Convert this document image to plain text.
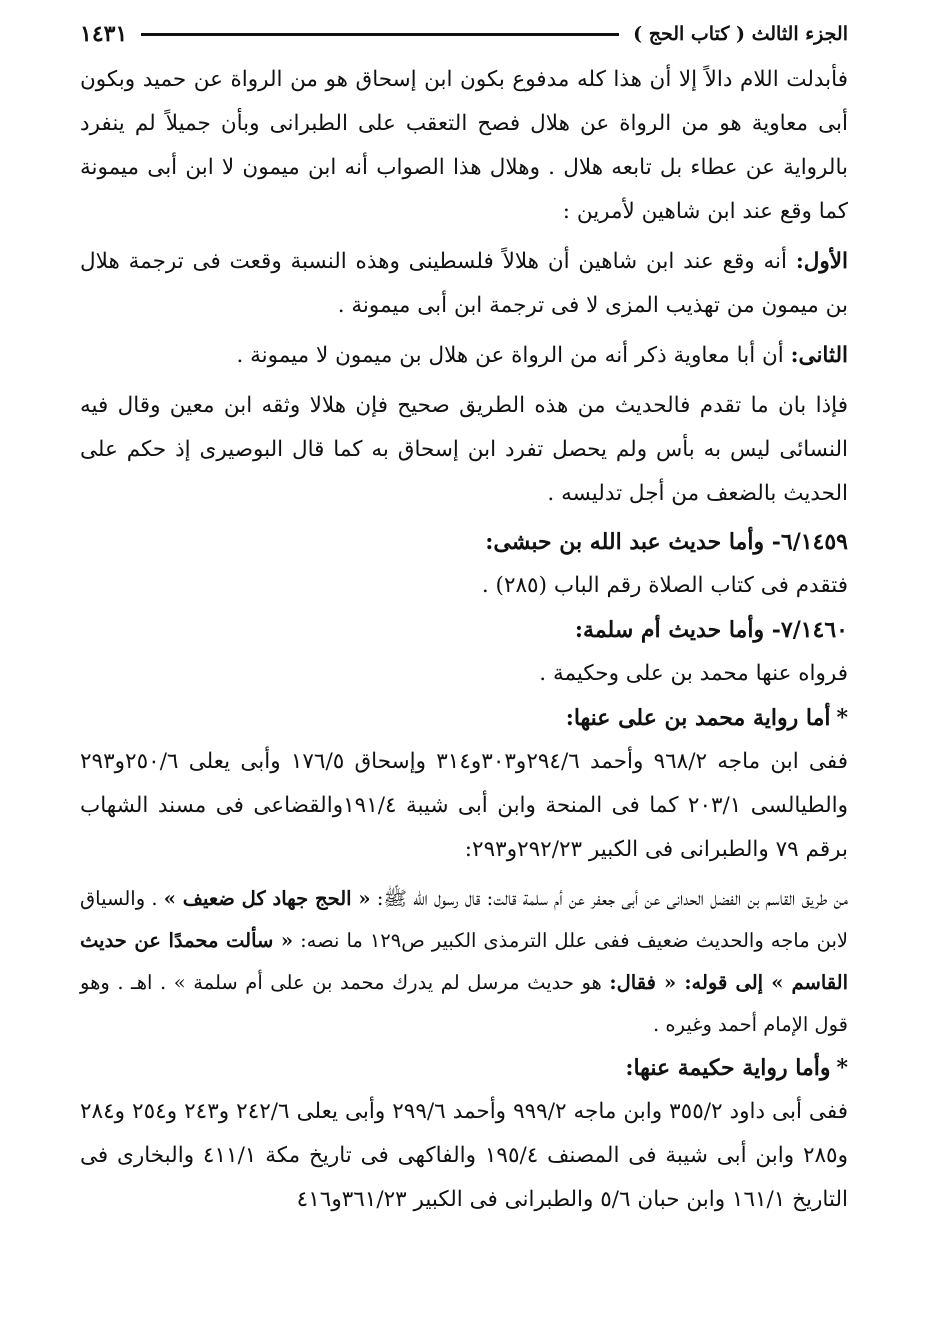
الجزء الثالث ( كتاب الحج )
١٤٣١

فأبدلت اللام دالاً إلا أن هذا كله مدفوع بكون ابن إسحاق هو من الرواة عن حميد وبكون أبى معاوية هو من الرواة عن هلال فصح التعقب على الطبرانى وبأن جميلاً لم ينفرد بالرواية عن عطاء بل تابعه هلال . وهلال هذا الصواب أنه ابن ميمون لا ابن أبى ميمونة كما وقع عند ابن شاهين لأمرين :

الأول: أنه وقع عند ابن شاهين أن هلالاً فلسطينى وهذه النسبة وقعت فى ترجمة هلال بن ميمون من تهذيب المزى لا فى ترجمة ابن أبى ميمونة .

الثانى: أن أبا معاوية ذكر أنه من الرواة عن هلال بن ميمون لا ميمونة .

فإذا بان ما تقدم فالحديث من هذه الطريق صحيح فإن هلالا وثقه ابن معين وقال فيه النسائى ليس به بأس ولم يحصل تفرد ابن إسحاق به كما قال البوصيرى إذ حكم على الحديث بالضعف من أجل تدليسه .

٦/١٤٥٩- وأما حديث عبد الله بن حبشى:

فتقدم فى كتاب الصلاة رقم الباب (٢٨٥) .

٧/١٤٦٠- وأما حديث أم سلمة:

فرواه عنها محمد بن على وحكيمة .

*أما رواية محمد بن على عنها:

ففى ابن ماجه ٩٦٨/٢ وأحمد ٢٩٤/٦و٣٠٣و٣١٤ وإسحاق ١٧٦/٥ وأبى يعلى ٢٥٠/٦و٢٩٣ والطيالسى ٢٠٣/١ كما فى المنحة وابن أبى شيبة ١٩١/٤والقضاعى فى مسند الشهاب برقم ٧٩ والطبرانى فى الكبير ٢٩٢/٢٣و٢٩٣:

من طريق القاسم بن الفضل الحدانى عن أبى جعفر عن أم سلمة قالت: قال رسول الله ﷺ: « الحج جهاد كل ضعيف » . والسياق لابن ماجه والحديث ضعيف ففى علل الترمذى الكبير ص١٢٩ ما نصه: « سألت محمدًا عن حديث القاسم » إلى قوله: « فقال: هو حديث مرسل لم يدرك محمد بن على أم سلمة » . اهـ . وهو قول الإمام أحمد وغيره .

*وأما رواية حكيمة عنها:

ففى أبى داود ٣٥٥/٢ وابن ماجه ٩٩٩/٢ وأحمد ٢٩٩/٦ وأبى يعلى ٢٤٢/٦ و٢٤٣ و٢٥٤ و٢٨٤ و٢٨٥ وابن أبى شيبة فى المصنف ١٩٥/٤ والفاكهى فى تاريخ مكة ٤١١/١ والبخارى فى التاريخ ١٦١/١ وابن حبان ٥/٦ والطبرانى فى الكبير ٣٦١/٢٣و٤١٦
